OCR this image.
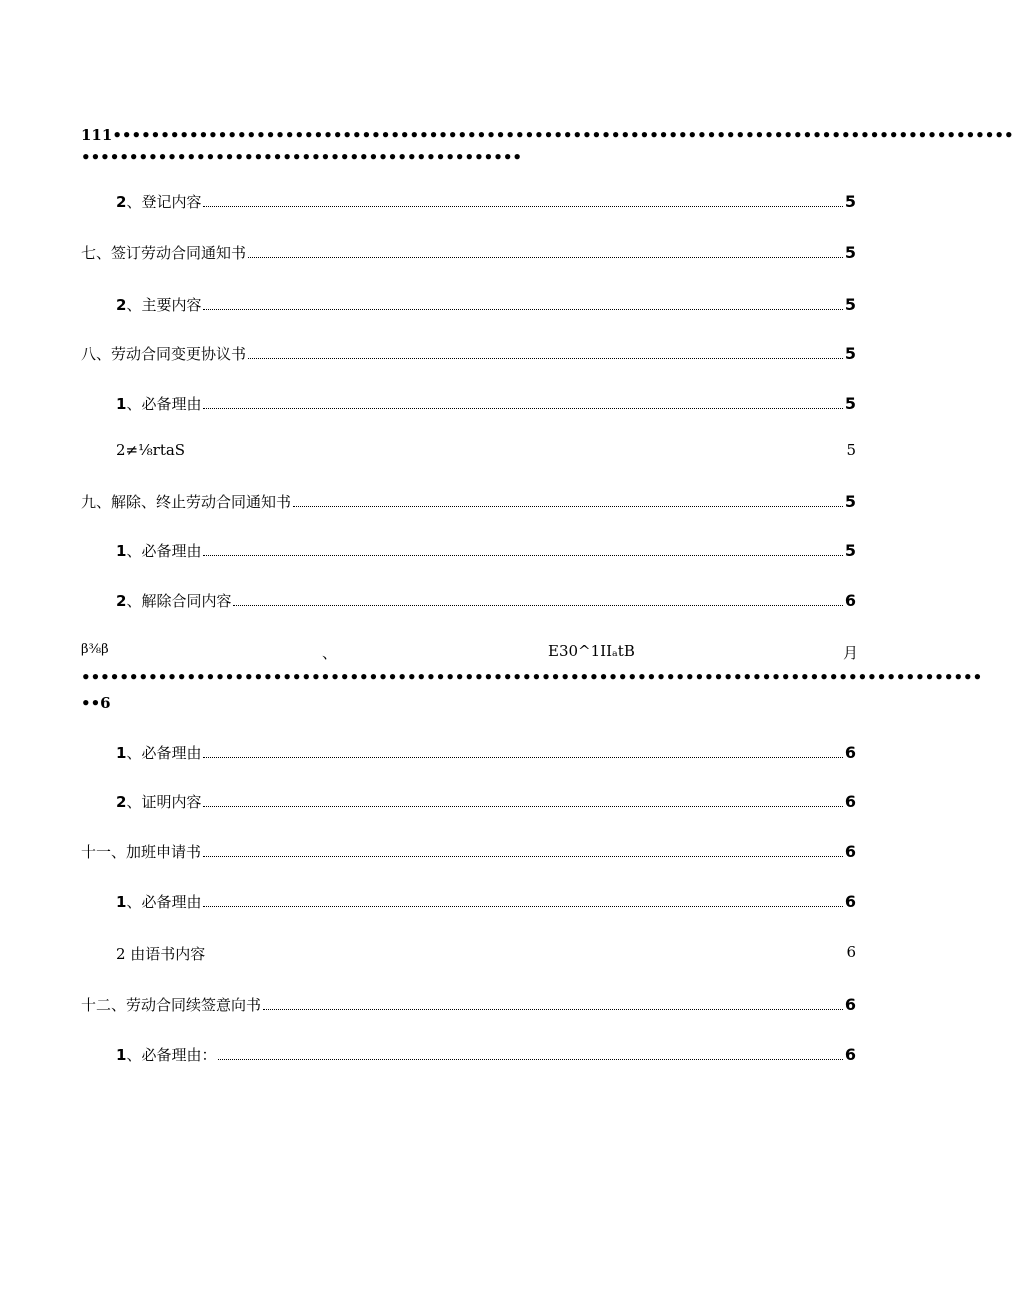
111••••••••••••••••••••••••••••••••••••••••••••••••••••••••••••••••••••••••••••••••••••••••••••••
••••••••••••••••••••••••••••••••••••••••••••••
2、登记内容	5
七、签订劳动合同通知书	5
2、主要内容	5
八、劳动合同变更协议书	5
1、必备理由	5
2≠⅛rtaS	5
九、解除、终止劳动合同通知书	5
1、必备理由	5
2、解除合同内容	6
β⅜β	、	E30^1IIₐtB	月
••••••••••••••••••••••••••••••••••••••••••••••••••••••••••••••••••••••••••••••••••••••••••••••
••6
1、必备理由	6
2、证明内容	6
十一、加班申请书	6
1、必备理由	6
2 由语书内容	6
十二、劳动合同续签意向书	6
1、必备理由：	6
